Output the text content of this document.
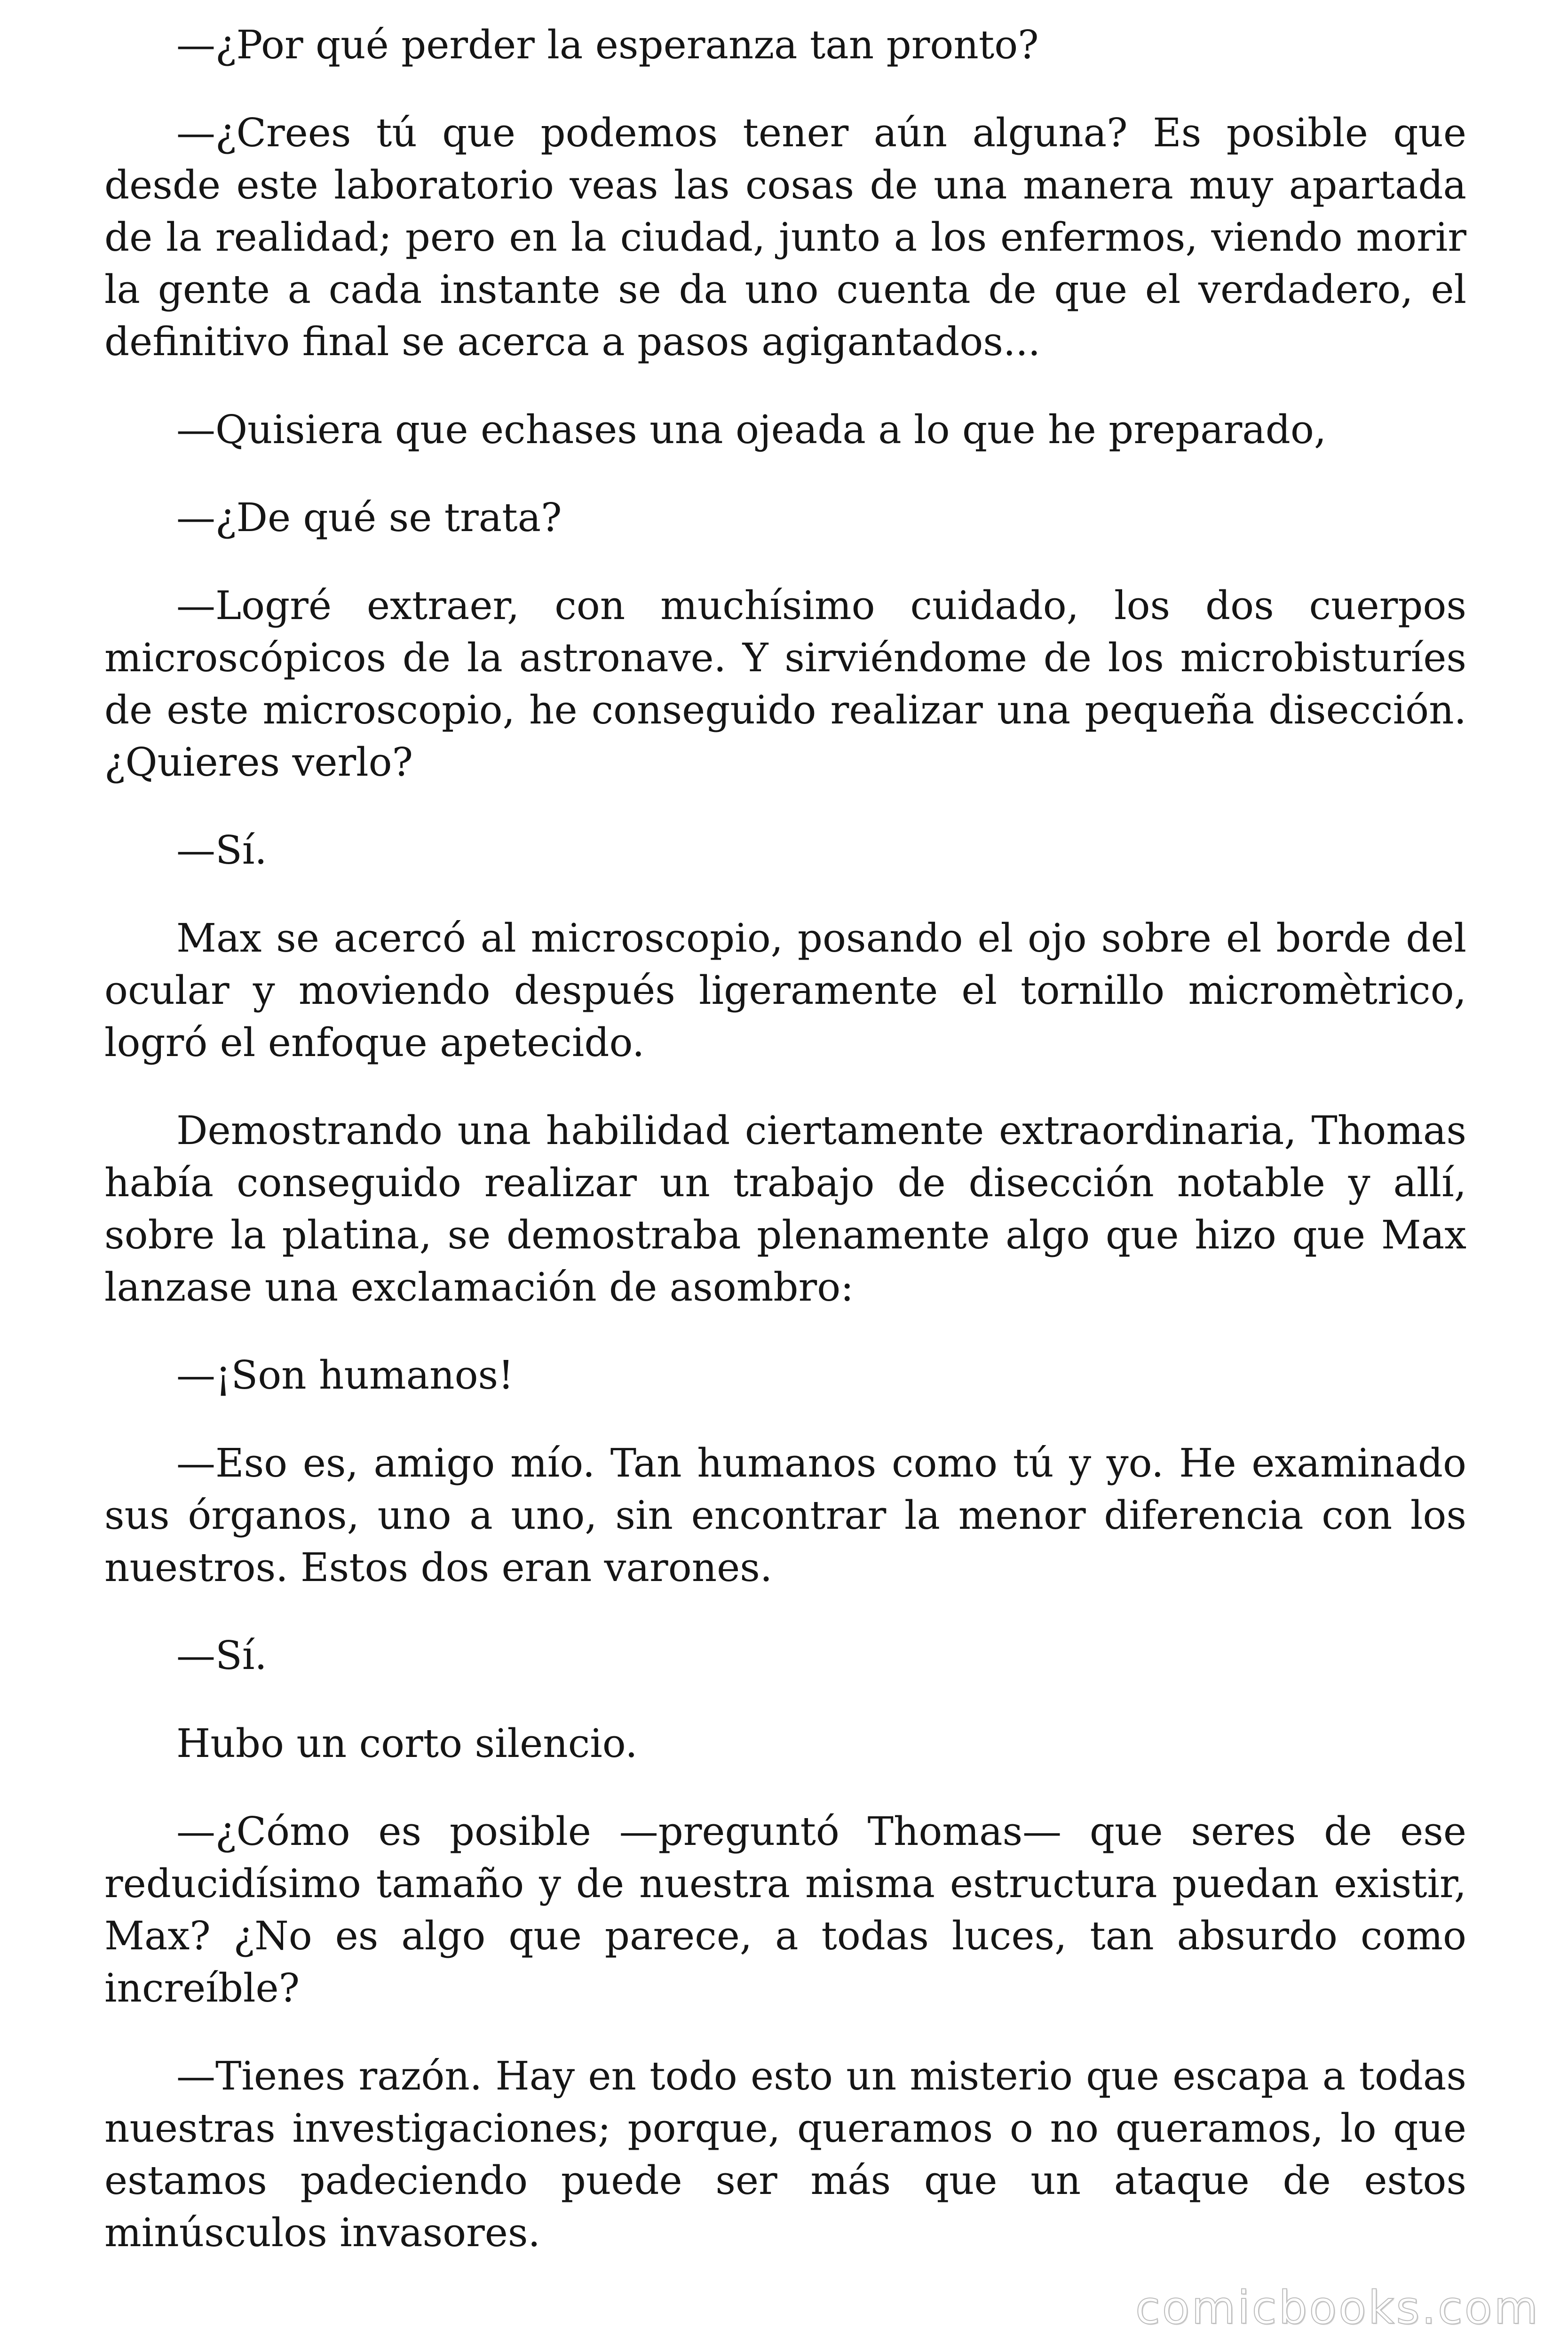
—¿Por qué perder la esperanza tan pronto?

—¿Crees tú que podemos tener aún alguna? Es posible que desde este laboratorio veas las cosas de una manera muy apartada de la realidad; pero en la ciudad, junto a los enfermos, viendo morir la gente a cada instante se da uno cuenta de que el verdadero, el definitivo final se acerca a pasos agigantados...

—Quisiera que echases una ojeada a lo que he preparado,

—¿De qué se trata?

—Logré extraer, con muchísimo cuidado, los dos cuerpos microscópicos de la astronave. Y sirviéndome de los microbisturíes de este microscopio, he conseguido realizar una pequeña disección. ¿Quieres verlo?

—Sí.

Max se acercó al microscopio, posando el ojo sobre el borde del ocular y moviendo después ligeramente el tornillo micromètrico, logró el enfoque apetecido.

Demostrando una habilidad ciertamente extraordinaria, Thomas había conseguido realizar un trabajo de disección notable y allí, sobre la platina, se demostraba plenamente algo que hizo que Max lanzase una exclamación de asombro:

—¡Son humanos!

—Eso es, amigo mío. Tan humanos como tú y yo. He examinado sus órganos, uno a uno, sin encontrar la menor diferencia con los nuestros. Estos dos eran varones.

—Sí.

Hubo un corto silencio.

—¿Cómo es posible —preguntó Thomas— que seres de ese reducidísimo tamaño y de nuestra misma estructura puedan existir, Max? ¿No es algo que parece, a todas luces, tan absurdo como increíble?

—Tienes razón. Hay en todo esto un misterio que escapa a todas nuestras investigaciones; porque, queramos o no queramos, lo que estamos padeciendo puede ser más que un ataque de estos minúsculos invasores.

comicbooks.com
